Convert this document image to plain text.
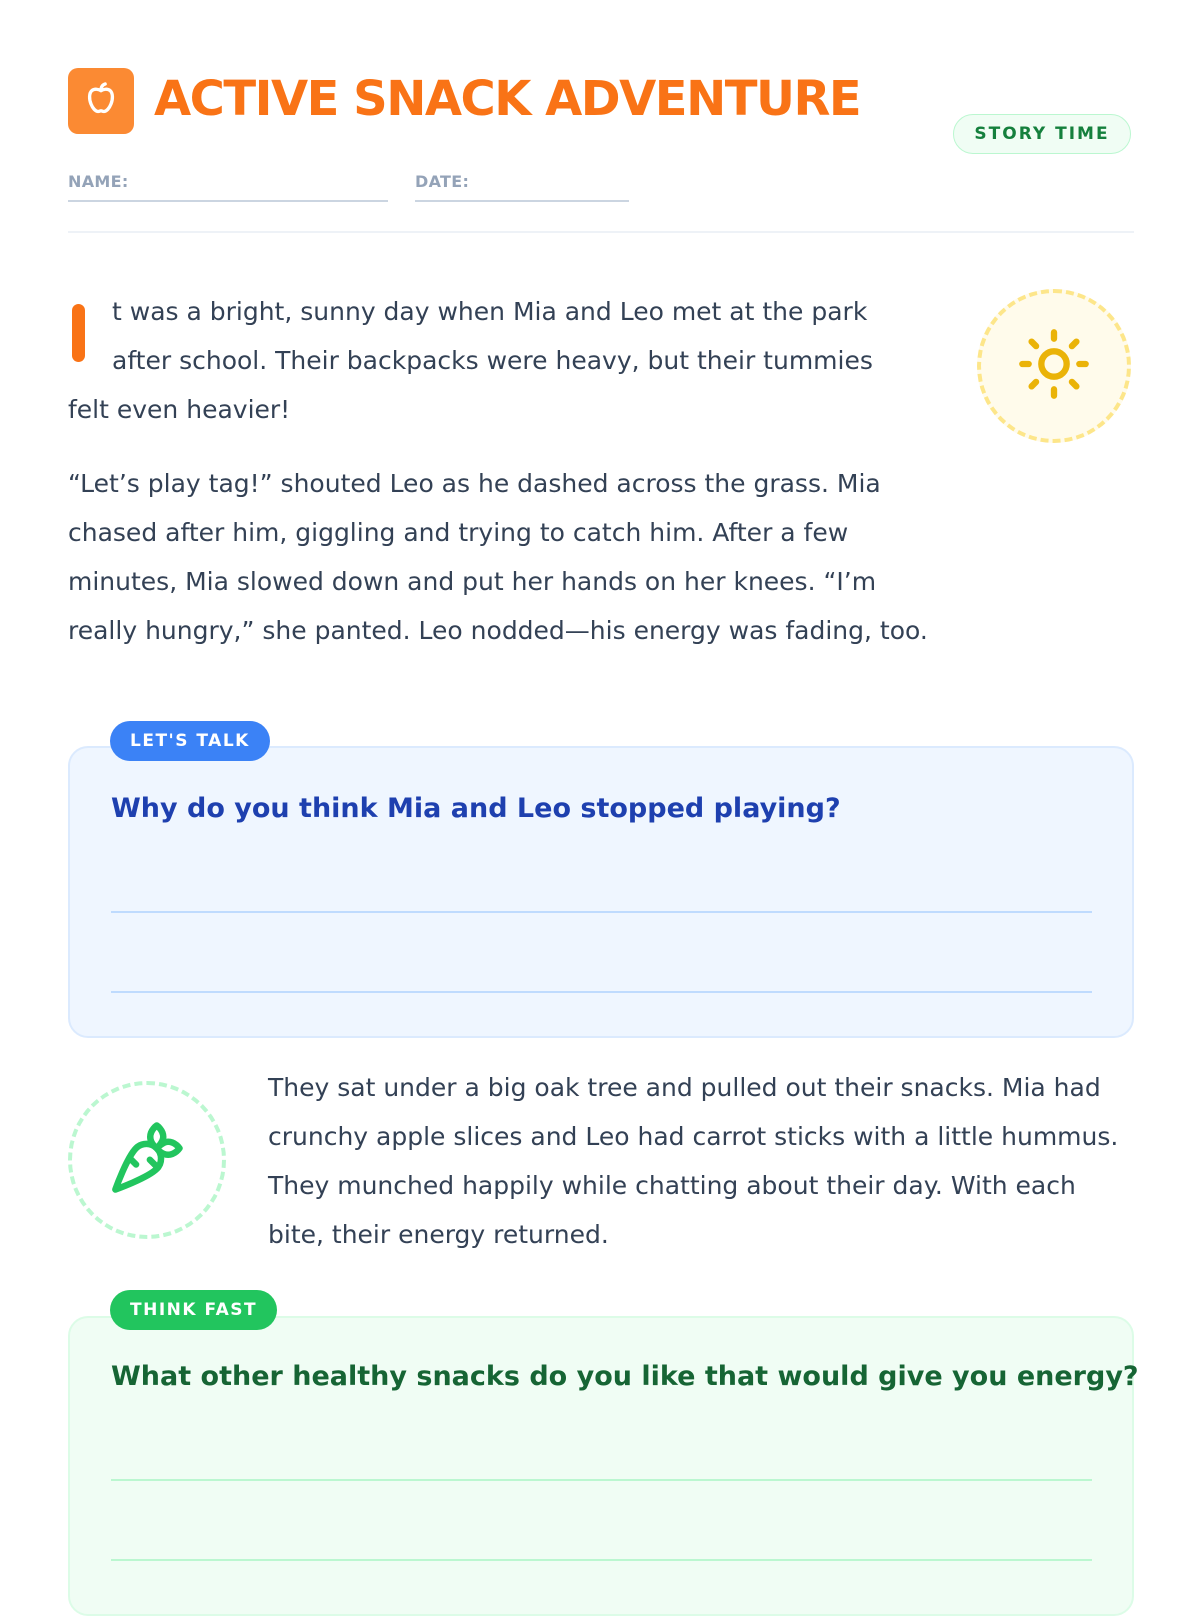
ACTIVE SNACK ADVENTURE
STORY TIME
NAME:	DATE:
t was a bright, sunny day when Mia and Leo met at the park
after school. Their backpacks were heavy, but their tummies
felt even heavier!

“Let’s play tag!” shouted Leo as he dashed across the grass. Mia chased after him, giggling and trying to catch him. After a few minutes, Mia slowed down and put her hands on her knees. “I’m really hungry,” she panted. Leo nodded—his energy was fading, too.

LET'S TALK
Why do you think Mia and Leo stopped playing?

They sat under a big oak tree and pulled out their snacks. Mia had crunchy apple slices and Leo had carrot sticks with a little hummus. They munched happily while chatting about their day. With each bite, their energy returned.

THINK FAST
What other healthy snacks do you like that would give you energy?
